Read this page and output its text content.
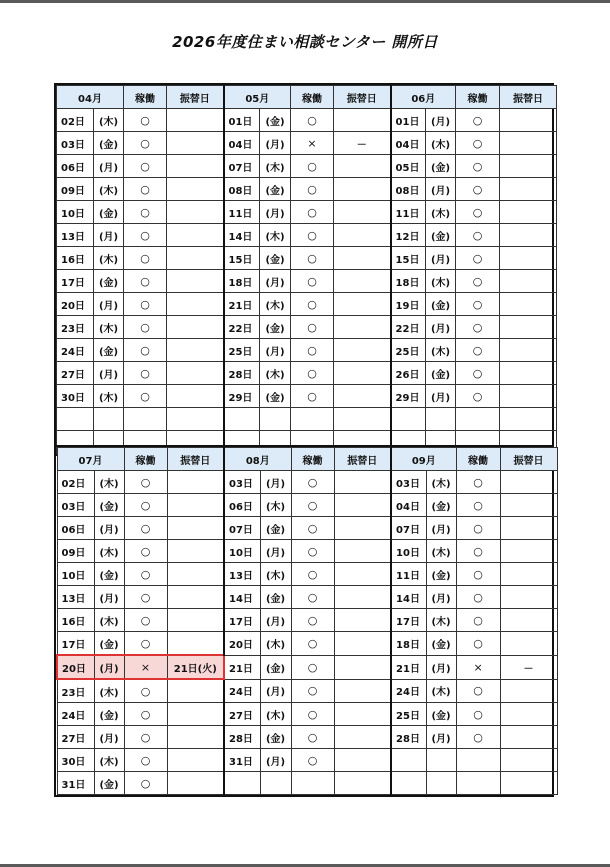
2026年度住まい相談センター 開所日
04月		稼働	振替日	05月		稼働	振替日	06月		稼働	振替日
02日	(木)	○		01日	(金)	○		01日	(月)	○	
03日	(金)	○		04日	(月)	×	－	04日	(木)	○	
06日	(月)	○		07日	(木)	○		05日	(金)	○	
09日	(木)	○		08日	(金)	○		08日	(月)	○	
10日	(金)	○		11日	(月)	○		11日	(木)	○	
13日	(月)	○		14日	(木)	○		12日	(金)	○	
16日	(木)	○		15日	(金)	○		15日	(月)	○	
17日	(金)	○		18日	(月)	○		18日	(木)	○	
20日	(月)	○		21日	(木)	○		19日	(金)	○	
23日	(木)	○		22日	(金)	○		22日	(月)	○	
24日	(金)	○		25日	(月)	○		25日	(木)	○	
27日	(月)	○		28日	(木)	○		26日	(金)	○	
30日	(木)	○		29日	(金)	○		29日	(月)	○	

07月		稼働	振替日	08月		稼働	振替日	09月		稼働	振替日
02日	(木)	○		03日	(月)	○		03日	(木)	○	
03日	(金)	○		06日	(木)	○		04日	(金)	○	
06日	(月)	○		07日	(金)	○		07日	(月)	○	
09日	(木)	○		10日	(月)	○		10日	(木)	○	
10日	(金)	○		13日	(木)	○		11日	(金)	○	
13日	(月)	○		14日	(金)	○		14日	(月)	○	
16日	(木)	○		17日	(月)	○		17日	(木)	○	
17日	(金)	○		20日	(木)	○		18日	(金)	○	
20日	(月)	×	21日(火)	21日	(金)	○		21日	(月)	×	－
23日	(木)	○		24日	(月)	○		24日	(木)	○	
24日	(金)	○		27日	(木)	○		25日	(金)	○	
27日	(月)	○		28日	(金)	○		28日	(月)	○	
30日	(木)	○		31日	(月)	○					
31日	(金)	○									
